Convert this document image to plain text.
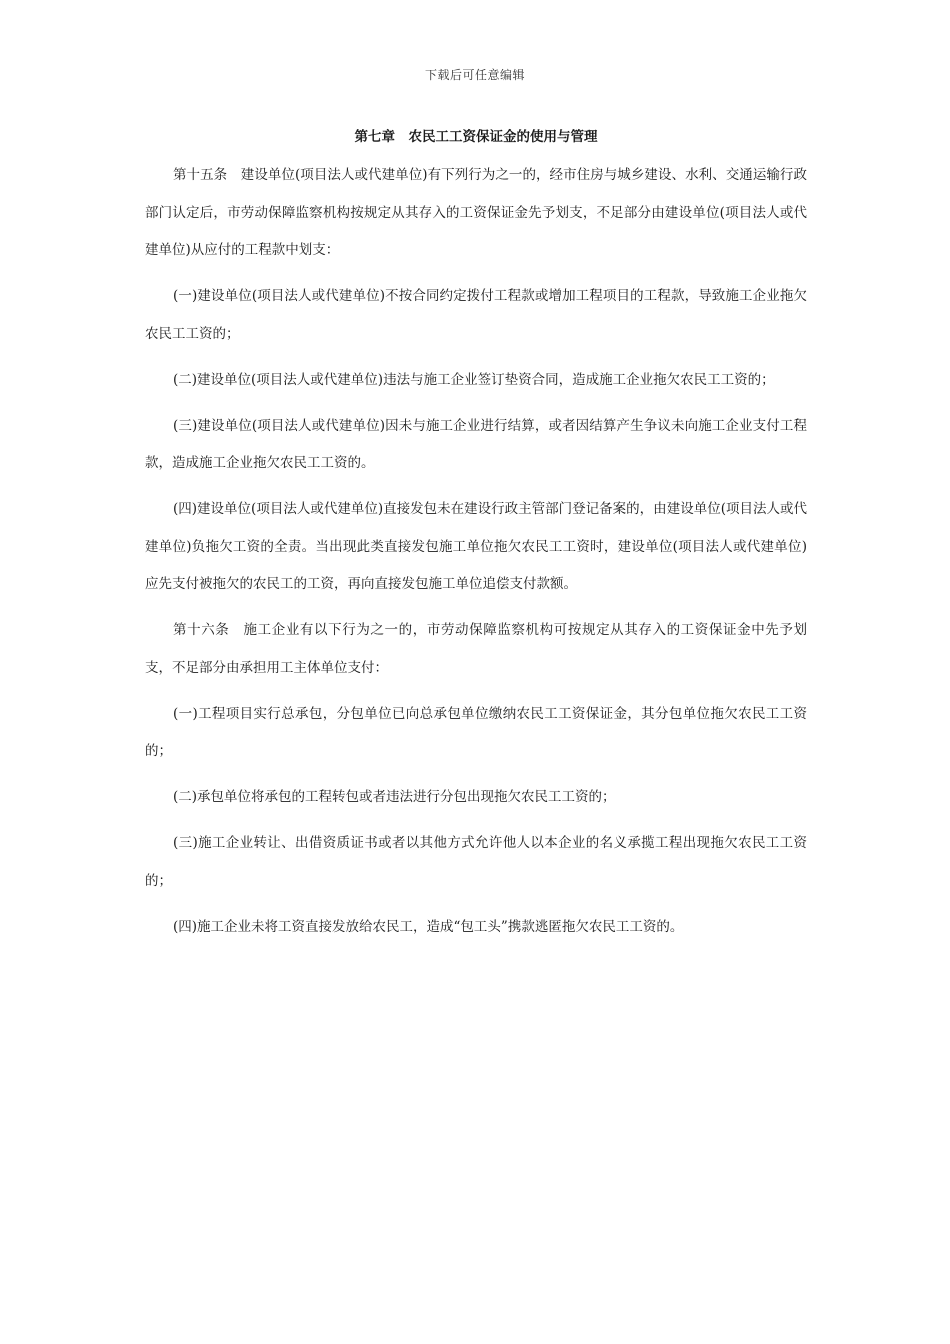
下载后可任意编辑
第七章　农民工工资保证金的使用与管理

第十五条　建设单位(项目法人或代建单位)有下列行为之一的，经市住房与城乡建设、水利、交通运输行政部门认定后，市劳动保障监察机构按规定从其存入的工资保证金先予划支，不足部分由建设单位(项目法人或代建单位)从应付的工程款中划支：

(一)建设单位(项目法人或代建单位)不按合同约定拨付工程款或增加工程项目的工程款，导致施工企业拖欠农民工工资的；

(二)建设单位(项目法人或代建单位)违法与施工企业签订垫资合同，造成施工企业拖欠农民工工资的；

(三)建设单位(项目法人或代建单位)因未与施工企业进行结算，或者因结算产生争议未向施工企业支付工程款，造成施工企业拖欠农民工工资的。

(四)建设单位(项目法人或代建单位)直接发包未在建设行政主管部门登记备案的，由建设单位(项目法人或代建单位)负拖欠工资的全责。当出现此类直接发包施工单位拖欠农民工工资时，建设单位(项目法人或代建单位)应先支付被拖欠的农民工的工资，再向直接发包施工单位追偿支付款额。

第十六条　施工企业有以下行为之一的，市劳动保障监察机构可按规定从其存入的工资保证金中先予划支，不足部分由承担用工主体单位支付：

(一)工程项目实行总承包，分包单位已向总承包单位缴纳农民工工资保证金，其分包单位拖欠农民工工资的；

(二)承包单位将承包的工程转包或者违法进行分包出现拖欠农民工工资的；

(三)施工企业转让、出借资质证书或者以其他方式允许他人以本企业的名义承揽工程出现拖欠农民工工资的；

(四)施工企业未将工资直接发放给农民工，造成“包工头”携款逃匿拖欠农民工工资的。
